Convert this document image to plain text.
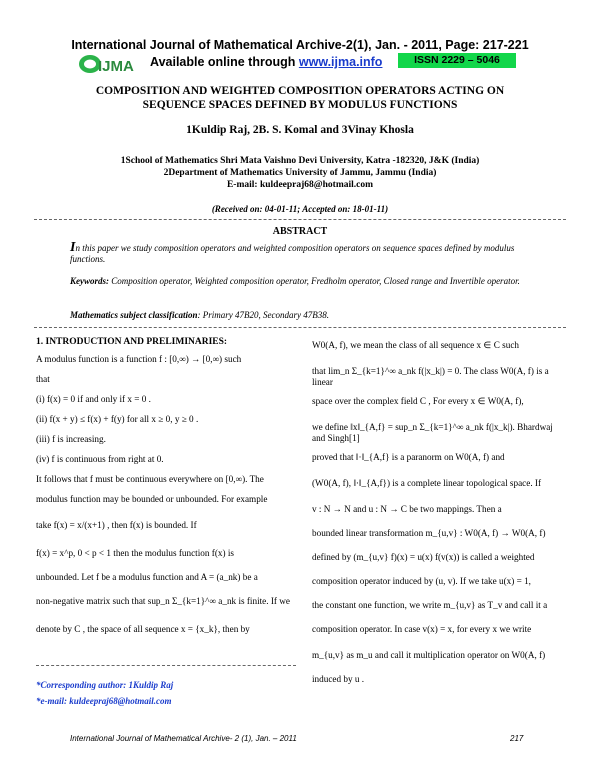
International Journal of Mathematical Archive-2(1), Jan. - 2011, Page: 217-221
IJMA Available online through www.ijma.info	ISSN 2229 – 5046
COMPOSITION AND WEIGHTED COMPOSITION OPERATORS ACTING ON
SEQUENCE SPACES DEFINED BY MODULUS FUNCTIONS
1Kuldip Raj, 2B. S. Komal and 3Vinay Khosla
1School of Mathematics Shri Mata Vaishno Devi University, Katra -182320, J&K (India)
2Department of Mathematics University of Jammu, Jammu (India)
E-mail: kuldeepraj68@hotmail.com
(Received on: 04-01-11; Accepted on: 18-01-11)
ABSTRACT
In this paper we study composition operators and weighted composition operators on sequence spaces defined by modulus functions.
Keywords: Composition operator, Weighted composition operator, Fredholm operator, Closed range and Invertible operator.
Mathematics subject classification: Primary 47B20, Secondary 47B38.
1. INTRODUCTION AND PRELIMINARIES:
A modulus function is a function f : [0,∞) → [0,∞) such
that
(i) f(x) = 0 if and only if x = 0 .
(ii) f(x + y) ≤ f(x) + f(y) for all x ≥ 0, y ≥ 0 .
(iii) f is increasing.
(iv) f is continuous from right at 0.
It follows that f must be continuous everywhere on [0,∞). The
modulus function may be bounded or unbounded. For example
take f(x) = x/(x+1) , then f(x) is bounded. If
f(x) = x^p, 0 < p < 1 then the modulus function f(x) is
unbounded. Let f be a modulus function and A = (a_nk) be a
non-negative matrix such that sup_n Σ_{k=1}^∞ a_nk is finite. If we
denote by C , the space of all sequence x = {x_k}, then by
*Corresponding author: 1Kuldip Raj
*e-mail: kuldeepraj68@hotmail.com
W0(A, f), we mean the class of all sequence x ∈ C such
that lim_n Σ_{k=1}^∞ a_nk f(|x_k|) = 0. The class W0(A, f) is a linear
space over the complex field C , For every x ∈ W0(A, f),
we define ‖x‖_{A,f} = sup_n Σ_{k=1}^∞ a_nk f(|x_k|). Bhardwaj and Singh[1]
proved that ‖·‖_{A,f} is a paranorm on W0(A, f) and
(W0(A, f), ‖·‖_{A,f}) is a complete linear topological space. If
v : N → N and u : N → C be two mappings. Then a
bounded linear transformation m_{u,v} : W0(A, f) → W0(A, f)
defined by (m_{u,v} f)(x) = u(x) f(v(x)) is called a weighted
composition operator induced by (u, v). If we take u(x) = 1,
the constant one function, we write m_{u,v} as T_v and call it a
composition operator. In case v(x) = x, for every x we write
m_{u,v} as m_u and call it multiplication operator on W0(A, f)
induced by u .
International Journal of Mathematical Archive- 2 (1), Jan. – 2011	217
